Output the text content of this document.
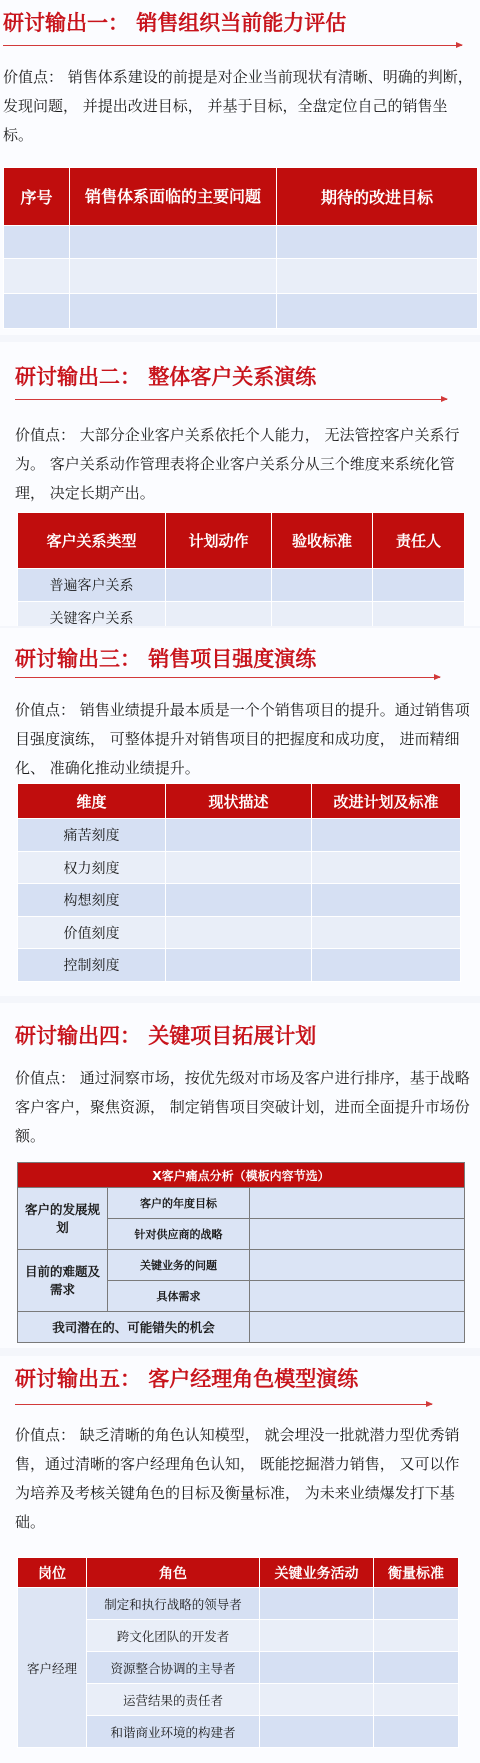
研讨输出一： 销售组织当前能力评估
价值点： 销售体系建设的前提是对企业当前现状有清晰、明确的判断，发现问题， 并提出改进目标， 并基于目标，全盘定位自己的销售坐标。
序号	销售体系面临的主要问题	期待的改进目标

研讨输出二： 整体客户关系演练
价值点： 大部分企业客户关系依托个人能力， 无法管控客户关系行为。 客户关系动作管理表将企业客户关系分从三个维度来系统化管理， 决定长期产出。
客户关系类型	计划动作	验收标准	责任人
普遍客户关系			
关键客户关系			
研讨输出三： 销售项目强度演练
价值点： 销售业绩提升最本质是一个个销售项目的提升。通过销售项目强度演练， 可整体提升对销售项目的把握度和成功度， 进而精细化、 准确化推动业绩提升。
维度	现状描述	改进计划及标准
痛苦刻度		
权力刻度		
构想刻度		
价值刻度		
控制刻度		
研讨输出四： 关键项目拓展计划
价值点： 通过洞察市场，按优先级对市场及客户进行排序，基于战略客户客户，聚焦资源， 制定销售项目突破计划，进而全面提升市场份额。
X客户痛点分析（模板内容节选）		
客户的发展规划	客户的年度目标	
	针对供应商的战略	
目前的难题及需求	关键业务的问题	
	具体需求	
我司潜在的、可能错失的机会		
研讨输出五： 客户经理角色模型演练
价值点： 缺乏清晰的角色认知模型， 就会埋没一批就潜力型优秀销售，通过清晰的客户经理角色认知， 既能挖掘潜力销售， 又可以作为培养及考核关键角色的目标及衡量标准， 为未来业绩爆发打下基础。
岗位	角色	关键业务活动	衡量标准
客户经理	制定和执行战略的领导者		
	跨文化团队的开发者		
	资源整合协调的主导者		
	运营结果的责任者		
	和谐商业环境的构建者		
